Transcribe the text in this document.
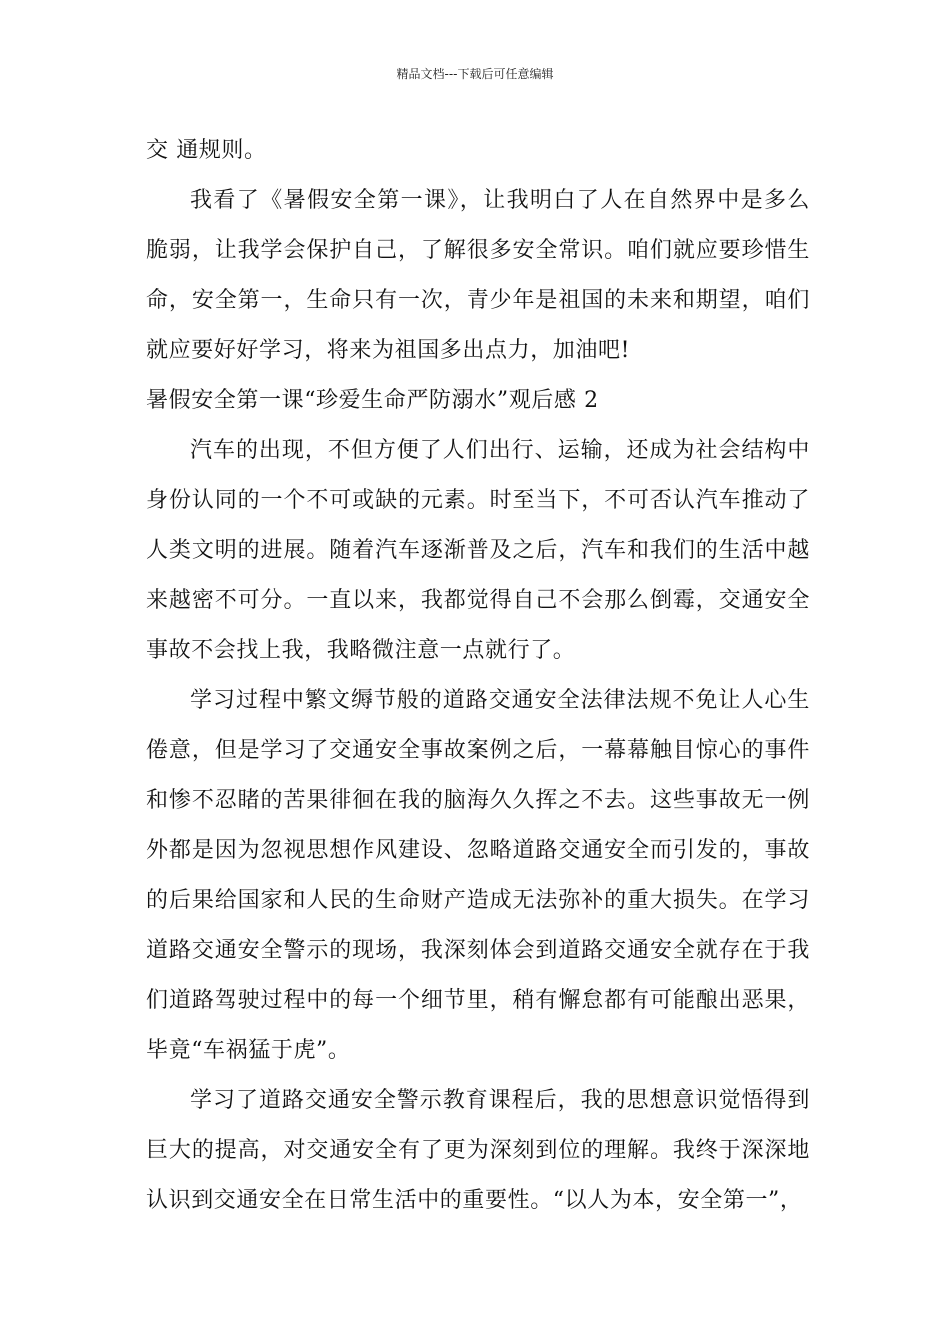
精品文档---下载后可任意编辑

交 通规则。

我看了《暑假安全第一课》，让我明白了人在自然界中是多么脆弱，让我学会保护自己，了解很多安全常识。咱们就应要珍惜生命，安全第一，生命只有一次，青少年是祖国的未来和期望，咱们就应要好好学习，将来为祖国多出点力，加油吧!

暑假安全第一课“珍爱生命严防溺水”观后感 2

汽车的出现，不但方便了人们出行、运输，还成为社会结构中身份认同的一个不可或缺的元素。时至当下，不可否认汽车推动了人类文明的进展。随着汽车逐渐普及之后，汽车和我们的生活中越来越密不可分。一直以来，我都觉得自己不会那么倒霉，交通安全事故不会找上我，我略微注意一点就行了。

学习过程中繁文缛节般的道路交通安全法律法规不免让人心生倦意，但是学习了交通安全事故案例之后，一幕幕触目惊心的事件和惨不忍睹的苦果徘徊在我的脑海久久挥之不去。这些事故无一例外都是因为忽视思想作风建设、忽略道路交通安全而引发的，事故的后果给国家和人民的生命财产造成无法弥补的重大损失。在学习道路交通安全警示的现场，我深刻体会到道路交通安全就存在于我们道路驾驶过程中的每一个细节里，稍有懈怠都有可能酿出恶果，毕竟“车祸猛于虎”。

学习了道路交通安全警示教育课程后，我的思想意识觉悟得到巨大的提高，对交通安全有了更为深刻到位的理解。我终于深深地认识到交通安全在日常生活中的重要性。“以人为本，安全第一”，
